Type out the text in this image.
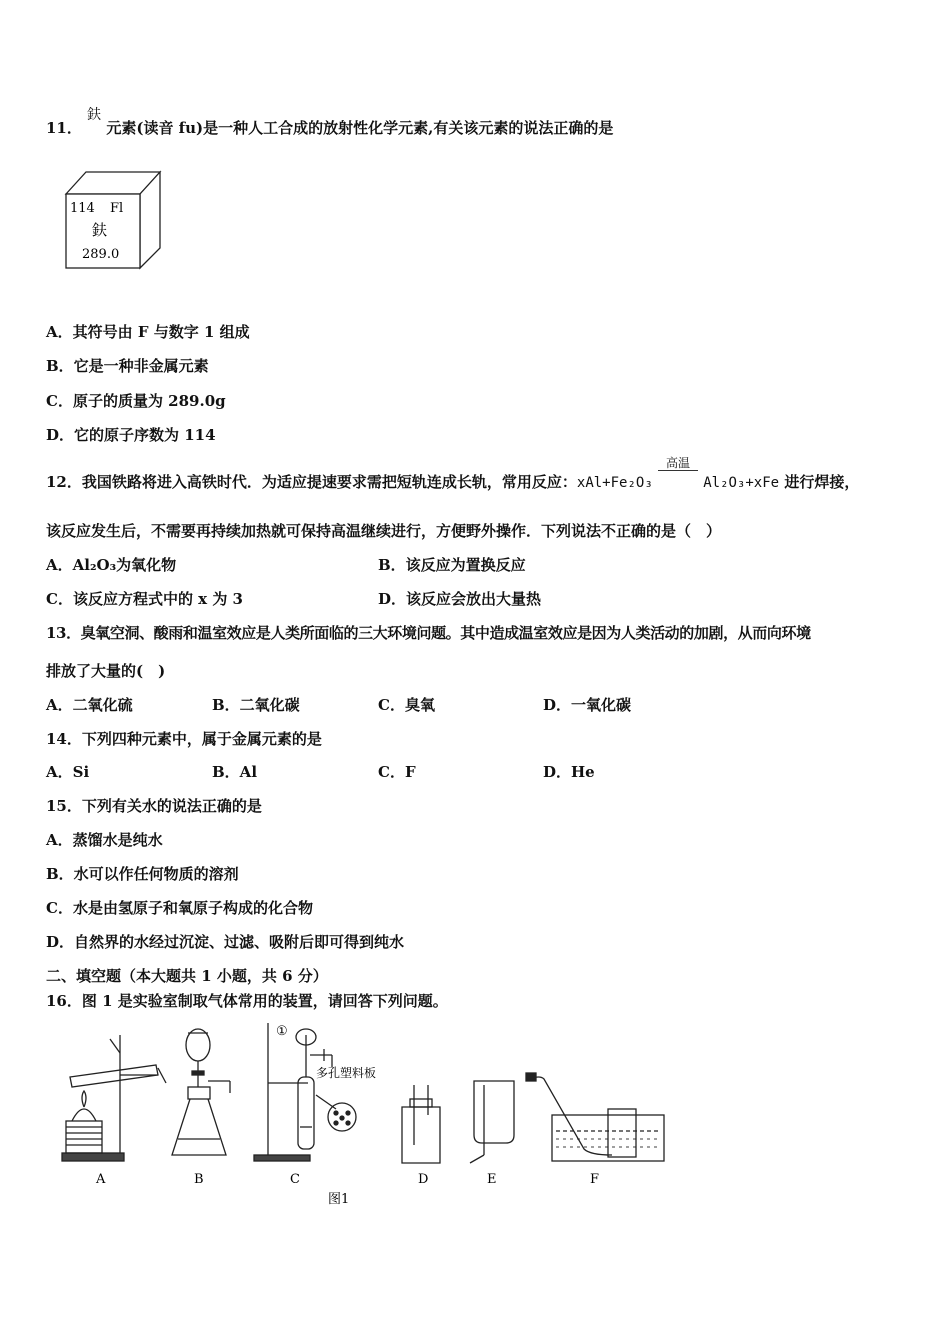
11． 鈇 元素(读音 fu)是一种人工合成的放射性化学元素,有关该元素的说法正确的是
114 Fl
鈇
289.0
A．其符号由 F 与数字 1 组成
B．它是一种非金属元素
C．原子的质量为 289.0g
D．它的原子序数为 114
12．我国铁路将进入高铁时代．为适应提速要求需把短轨连成长轨，常用反应：xAl+Fe₂O₃
高温
Al₂O₃+xFe 进行焊接，
该反应发生后，不需要再持续加热就可保持高温继续进行，方便野外操作．下列说法不正确的是（　）
A．Al₂O₃为氧化物	B．该反应为置换反应
C．该反应方程式中的 x 为 3	D．该反应会放出大量热
13．臭氧空洞、酸雨和温室效应是人类所面临的三大环境问题。其中造成温室效应是因为人类活动的加剧，从而向环境
排放了大量的(　)
A．二氧化硫	B．二氧化碳	C．臭氧	D．一氧化碳
14．下列四种元素中，属于金属元素的是
A．Si	B．Al	C．F	D．He
15．下列有关水的说法正确的是
A．蒸馏水是纯水
B．水可以作任何物质的溶剂
C．水是由氢原子和氧原子构成的化合物
D．自然界的水经过沉淀、过滤、吸附后即可得到纯水
二、填空题（本大题共 1 小题，共 6 分）
16．图 1 是实验室制取气体常用的装置，请回答下列问题。
①
多孔塑料板
A	B	C	D	E	F
图1
